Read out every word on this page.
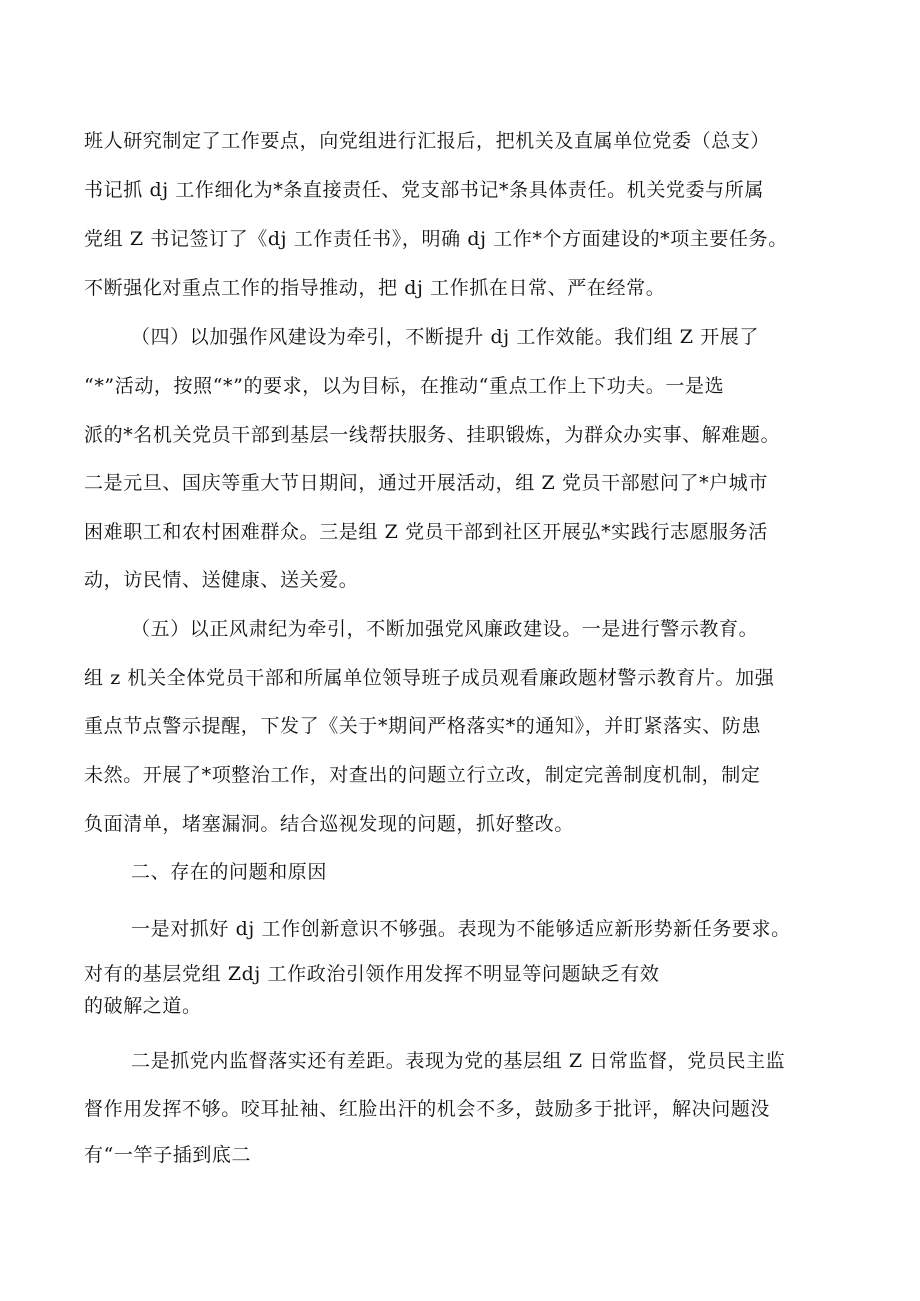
班人研究制定了工作要点，向党组进行汇报后，把机关及直属单位党委（总支）
书记抓 dj 工作细化为*条直接责任、党支部书记*条具体责任。机关党委与所属
党组 Z 书记签订了《dj 工作责任书》，明确 dj 工作*个方面建设的*项主要任务。
不断强化对重点工作的指导推动，把 dj 工作抓在日常、严在经常。
（四）以加强作风建设为牵引，不断提升 dj 工作效能。我们组 Z 开展了
“*”活动，按照“*”的要求，以为目标，在推动“重点工作上下功夫。一是选
派的*名机关党员干部到基层一线帮扶服务、挂职锻炼，为群众办实事、解难题。
二是元旦、国庆等重大节日期间，通过开展活动，组 Z 党员干部慰问了*户城市
困难职工和农村困难群众。三是组 Z 党员干部到社区开展弘*实践行志愿服务活
动，访民情、送健康、送关爱。
（五）以正风肃纪为牵引，不断加强党风廉政建设。一是进行警示教育。
组 z 机关全体党员干部和所属单位领导班子成员观看廉政题材警示教育片。加强
重点节点警示提醒，下发了《关于*期间严格落实*的通知》，并盯紧落实、防患
未然。开展了*项整治工作，对查出的问题立行立改，制定完善制度机制，制定
负面清单，堵塞漏洞。结合巡视发现的问题，抓好整改。
二、存在的问题和原因
一是对抓好 dj 工作创新意识不够强。表现为不能够适应新形势新任务要求。
对有的基层党组 Zdj 工作政治引领作用发挥不明显等问题缺乏有效
的破解之道。
二是抓党内监督落实还有差距。表现为党的基层组 Z 日常监督，党员民主监
督作用发挥不够。咬耳扯袖、红脸出汗的机会不多，鼓励多于批评，解决问题没
有“一竿子插到底二
